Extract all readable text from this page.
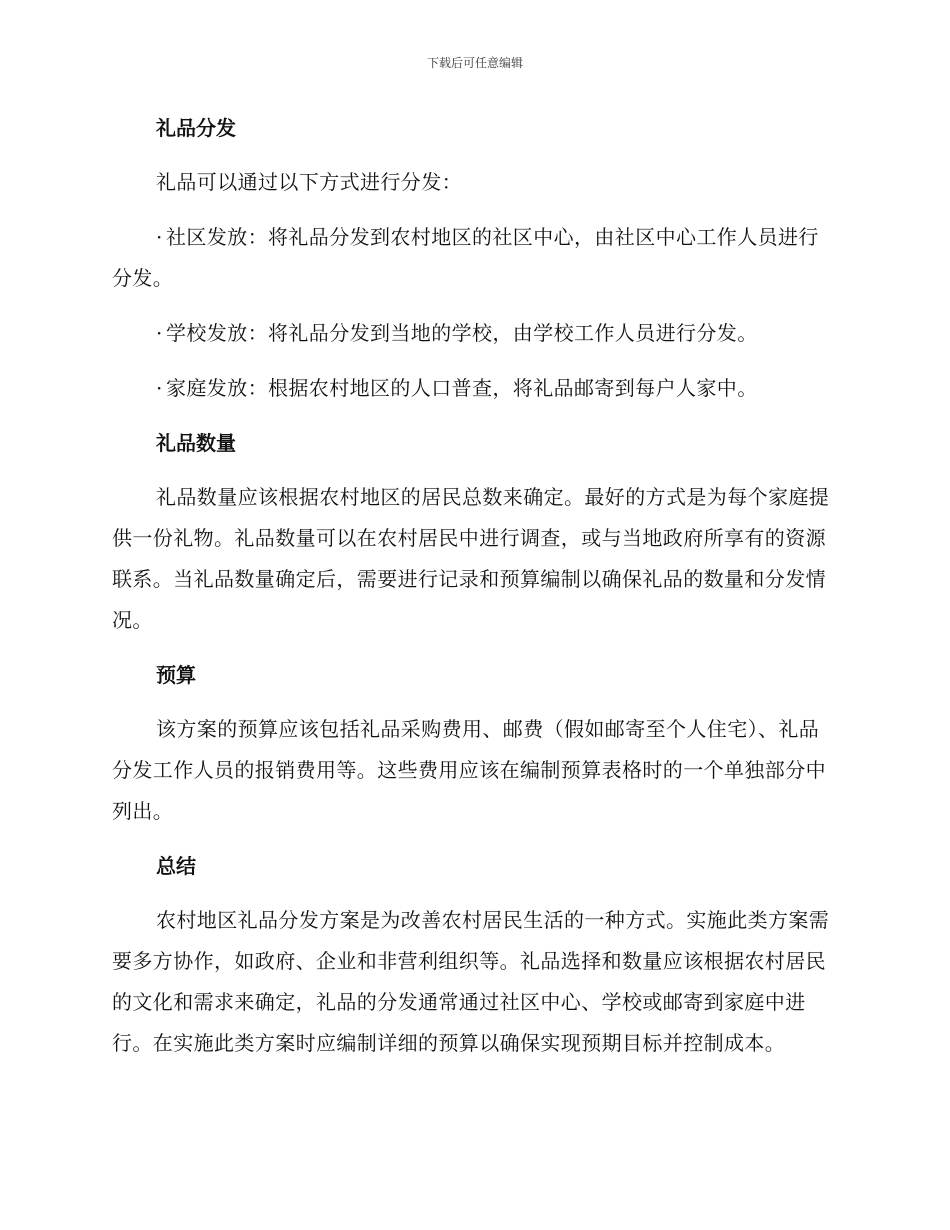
下载后可任意编辑
礼品分发

礼品可以通过以下方式进行分发：

· 社区发放：将礼品分发到农村地区的社区中心，由社区中心工作人员进行分发。

· 学校发放：将礼品分发到当地的学校，由学校工作人员进行分发。

· 家庭发放：根据农村地区的人口普查，将礼品邮寄到每户人家中。

礼品数量

礼品数量应该根据农村地区的居民总数来确定。最好的方式是为每个家庭提供一份礼物。礼品数量可以在农村居民中进行调查，或与当地政府所享有的资源联系。当礼品数量确定后，需要进行记录和预算编制以确保礼品的数量和分发情况。

预算

该方案的预算应该包括礼品采购费用、邮费（假如邮寄至个人住宅）、礼品分发工作人员的报销费用等。这些费用应该在编制预算表格时的一个单独部分中列出。

总结

农村地区礼品分发方案是为改善农村居民生活的一种方式。实施此类方案需要多方协作，如政府、企业和非营利组织等。礼品选择和数量应该根据农村居民的文化和需求来确定，礼品的分发通常通过社区中心、学校或邮寄到家庭中进行。在实施此类方案时应编制详细的预算以确保实现预期目标并控制成本。
